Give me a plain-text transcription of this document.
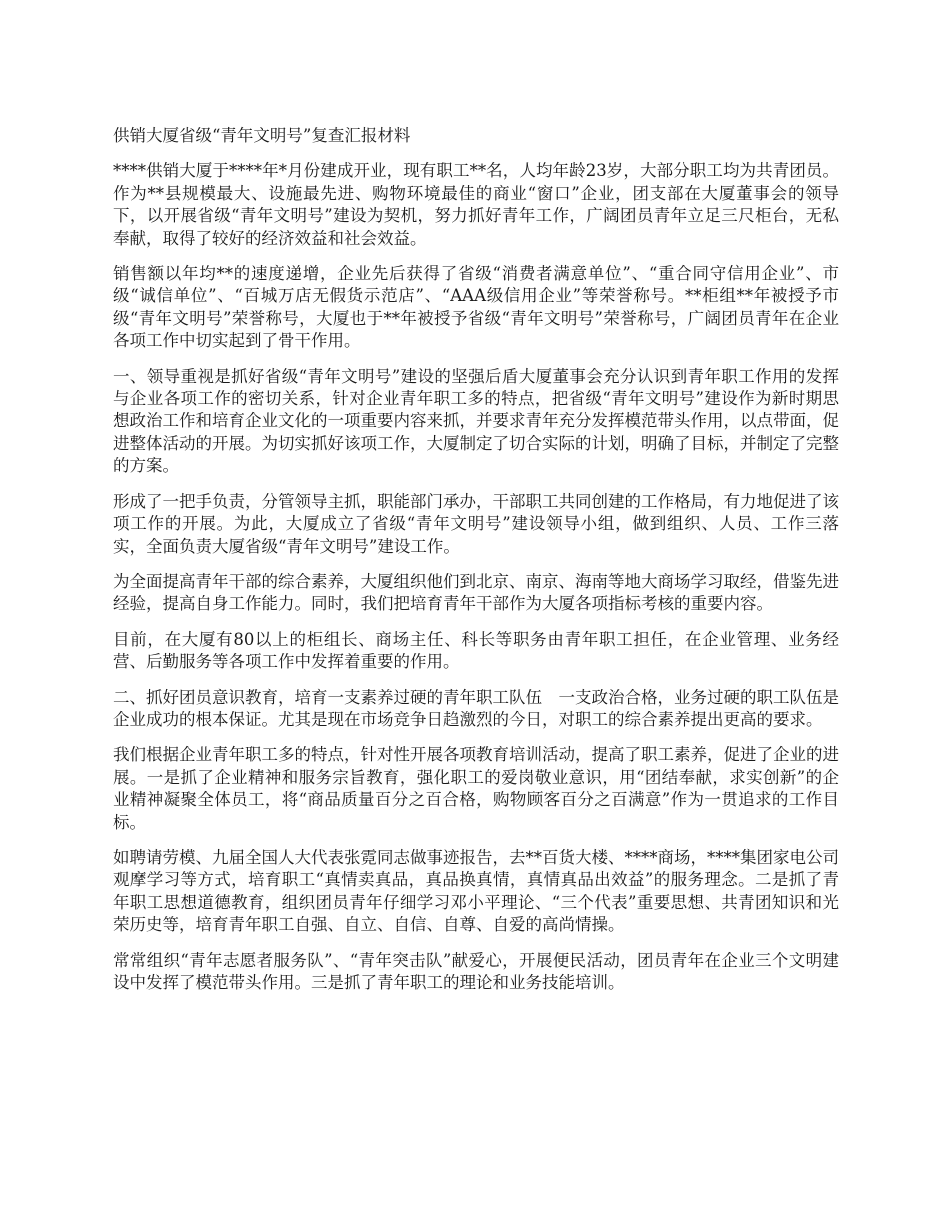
供销大厦省级“青年文明号”复查汇报材料

****供销大厦于****年*月份建成开业，现有职工**名，人均年龄23岁，大部分职工均为共青团员。作为**县规模最大、设施最先进、购物环境最佳的商业“窗口”企业，团支部在大厦董事会的领导下，以开展省级“青年文明号”建设为契机，努力抓好青年工作，广阔团员青年立足三尺柜台，无私奉献，取得了较好的经济效益和社会效益。

销售额以年均**的速度递增，企业先后获得了省级“消费者满意单位”、“重合同守信用企业”、市级“诚信单位”、“百城万店无假货示范店”、“AAA级信用企业”等荣誉称号。**柜组**年被授予市级“青年文明号”荣誉称号，大厦也于**年被授予省级“青年文明号”荣誉称号，广阔团员青年在企业各项工作中切实起到了骨干作用。

一、领导重视是抓好省级“青年文明号”建设的坚强后盾大厦董事会充分认识到青年职工作用的发挥与企业各项工作的密切关系，针对企业青年职工多的特点，把省级“青年文明号”建设作为新时期思想政治工作和培育企业文化的一项重要内容来抓，并要求青年充分发挥模范带头作用，以点带面，促进整体活动的开展。为切实抓好该项工作，大厦制定了切合实际的计划，明确了目标，并制定了完整的方案。

形成了一把手负责，分管领导主抓，职能部门承办，干部职工共同创建的工作格局，有力地促进了该项工作的开展。为此，大厦成立了省级“青年文明号”建设领导小组，做到组织、人员、工作三落实，全面负责大厦省级“青年文明号”建设工作。

为全面提高青年干部的综合素养，大厦组织他们到北京、南京、海南等地大商场学习取经，借鉴先进经验，提高自身工作能力。同时，我们把培育青年干部作为大厦各项指标考核的重要内容。

目前，在大厦有80以上的柜组长、商场主任、科长等职务由青年职工担任，在企业管理、业务经营、后勤服务等各项工作中发挥着重要的作用。

二、抓好团员意识教育，培育一支素养过硬的青年职工队伍　一支政治合格，业务过硬的职工队伍是企业成功的根本保证。尤其是现在市场竞争日趋激烈的今日，对职工的综合素养提出更高的要求。

我们根据企业青年职工多的特点，针对性开展各项教育培训活动，提高了职工素养，促进了企业的进展。一是抓了企业精神和服务宗旨教育，强化职工的爱岗敬业意识，用“团结奉献，求实创新”的企业精神凝聚全体员工，将“商品质量百分之百合格，购物顾客百分之百满意”作为一贯追求的工作目标。

如聘请劳模、九届全国人大代表张霓同志做事迹报告，去**百货大楼、****商场，****集团家电公司观摩学习等方式，培育职工“真情卖真品，真品换真情，真情真品出效益”的服务理念。二是抓了青年职工思想道德教育，组织团员青年仔细学习邓小平理论、“三个代表”重要思想、共青团知识和光荣历史等，培育青年职工自强、自立、自信、自尊、自爱的高尚情操。

常常组织“青年志愿者服务队”、“青年突击队”献爱心，开展便民活动，团员青年在企业三个文明建设中发挥了模范带头作用。三是抓了青年职工的理论和业务技能培训。
